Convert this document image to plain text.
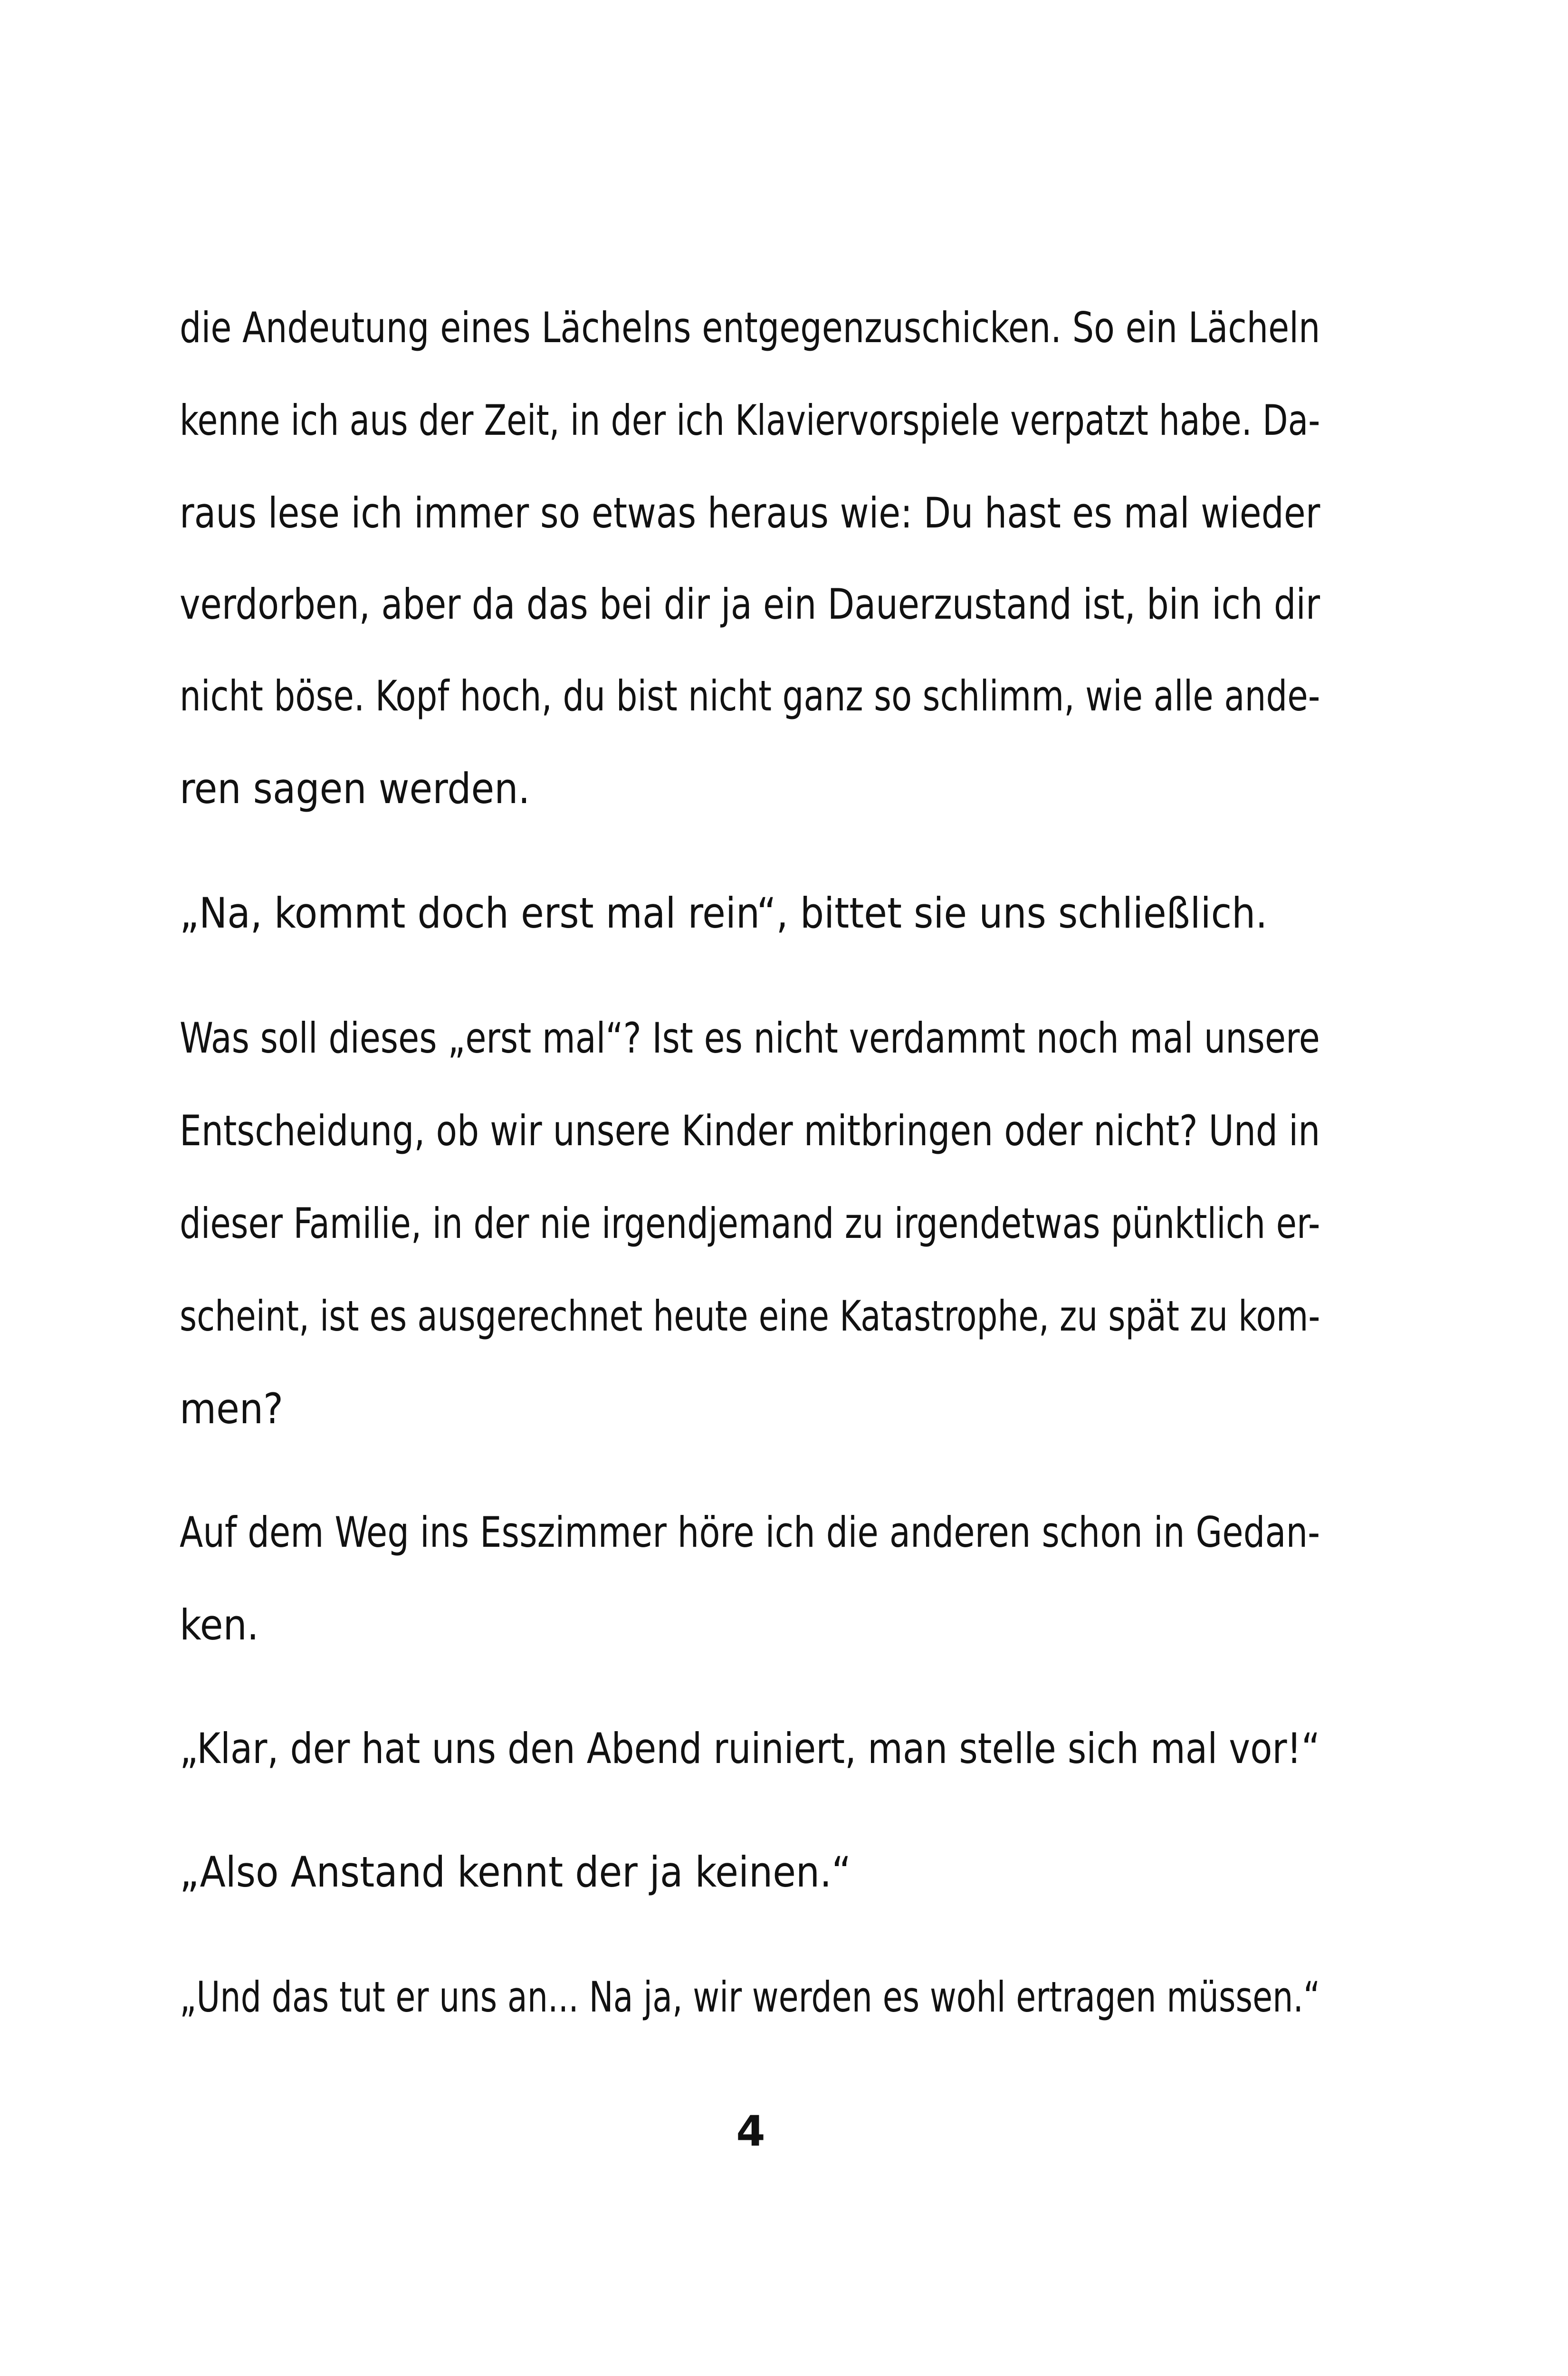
die Andeutung eines Lächelns entgegenzuschicken. So ein Lächeln
kenne ich aus der Zeit, in der ich Klaviervorspiele verpatzt habe. Da-
raus lese ich immer so etwas heraus wie: Du hast es mal wieder
verdorben, aber da das bei dir ja ein Dauerzustand ist, bin ich dir
nicht böse. Kopf hoch, du bist nicht ganz so schlimm, wie alle ande-
ren sagen werden.
„Na, kommt doch erst mal rein“, bittet sie uns schließlich.
Was soll dieses „erst mal“? Ist es nicht verdammt noch mal unsere
Entscheidung, ob wir unsere Kinder mitbringen oder nicht? Und in
dieser Familie, in der nie irgendjemand zu irgendetwas pünktlich er-
scheint, ist es ausgerechnet heute eine Katastrophe, zu spät zu kom-
men?
Auf dem Weg ins Esszimmer höre ich die anderen schon in Gedan-
ken.
„Klar, der hat uns den Abend ruiniert, man stelle sich mal vor!“
„Also Anstand kennt der ja keinen.“
„Und das tut er uns an... Na ja, wir werden es wohl ertragen müssen.“
4
